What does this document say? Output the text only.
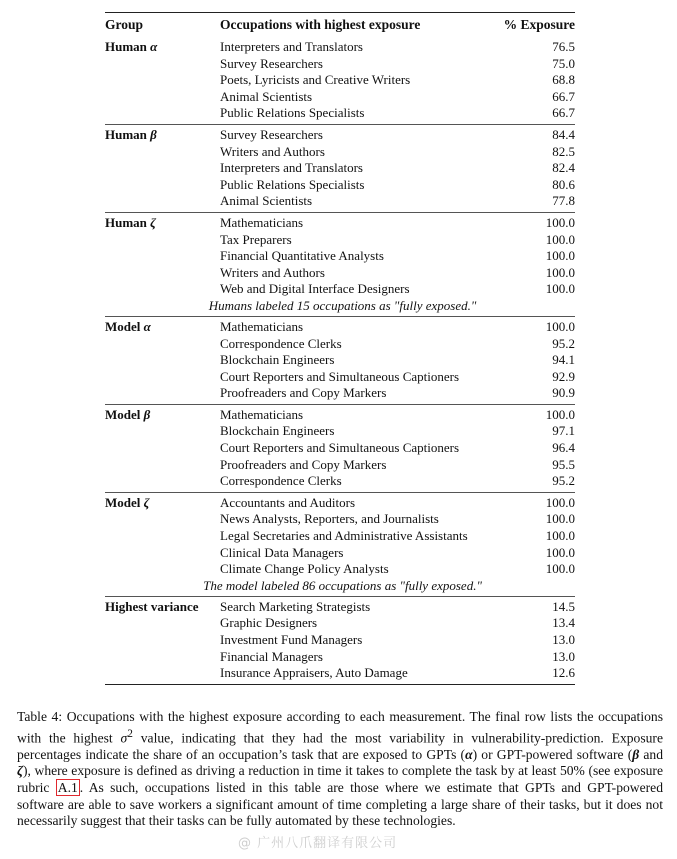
Group	Occupations with highest exposure	% Exposure
Human α	Interpreters and Translators	76.5
Survey Researchers	75.0
Poets, Lyricists and Creative Writers	68.8
Animal Scientists	66.7
Public Relations Specialists	66.7
Human β	Survey Researchers	84.4
Writers and Authors	82.5
Interpreters and Translators	82.4
Public Relations Specialists	80.6
Animal Scientists	77.8
Human ζ	Mathematicians	100.0
Tax Preparers	100.0
Financial Quantitative Analysts	100.0
Writers and Authors	100.0
Web and Digital Interface Designers	100.0
Humans labeled 15 occupations as "fully exposed."
Model α	Mathematicians	100.0
Correspondence Clerks	95.2
Blockchain Engineers	94.1
Court Reporters and Simultaneous Captioners	92.9
Proofreaders and Copy Markers	90.9
Model β	Mathematicians	100.0
Blockchain Engineers	97.1
Court Reporters and Simultaneous Captioners	96.4
Proofreaders and Copy Markers	95.5
Correspondence Clerks	95.2
Model ζ	Accountants and Auditors	100.0
News Analysts, Reporters, and Journalists	100.0
Legal Secretaries and Administrative Assistants	100.0
Clinical Data Managers	100.0
Climate Change Policy Analysts	100.0
The model labeled 86 occupations as "fully exposed."
Highest variance	Search Marketing Strategists	14.5
Graphic Designers	13.4
Investment Fund Managers	13.0
Financial Managers	13.0
Insurance Appraisers, Auto Damage	12.6
Table 4: Occupations with the highest exposure according to each measurement. The final row lists the occupations with the highest $\sigma^2$ value, indicating that they had the most variability in vulnerability-prediction. Exposure percentages indicate the share of an occupation’s task that are exposed to GPTs (α) or GPT-powered software (β and ζ), where exposure is defined as driving a reduction in time it takes to complete the task by at least 50% (see exposure rubric A.1 . As such, occupations listed in this table are those where we estimate that GPTs and GPT-powered software are able to save workers a significant amount of time completing a large share of their tasks, but it does not necessarily suggest that their tasks can be fully automated by these technologies.
@ 广州八爪翻译有限公司
